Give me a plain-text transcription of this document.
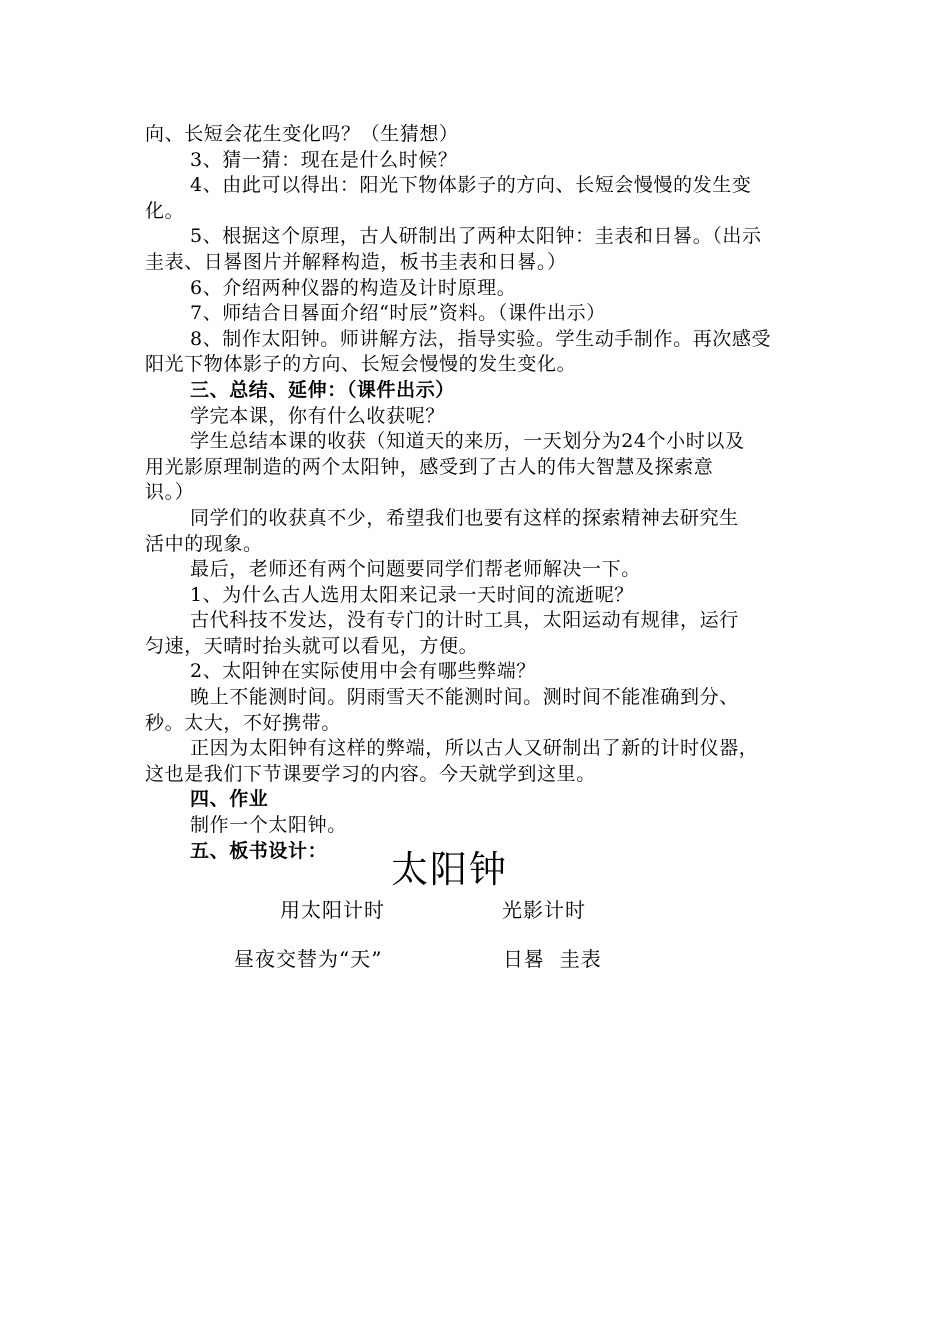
向、长短会花生变化吗？（生猜想）
3、猜一猜：现在是什么时候？
4、由此可以得出：阳光下物体影子的方向、长短会慢慢的发生变
化。
5、根据这个原理，古人研制出了两种太阳钟：圭表和日晷。（出示
圭表、日晷图片并解释构造，板书圭表和日晷。）
6、介绍两种仪器的构造及计时原理。
7、师结合日晷面介绍“时辰”资料。（课件出示）
8、制作太阳钟。师讲解方法，指导实验。学生动手制作。再次感受
阳光下物体影子的方向、长短会慢慢的发生变化。
三、总结、延伸：（课件出示）
学完本课，你有什么收获呢？
学生总结本课的收获（知道天的来历，一天划分为24个小时以及
用光影原理制造的两个太阳钟，感受到了古人的伟大智慧及探索意
识。）
同学们的收获真不少，希望我们也要有这样的探索精神去研究生
活中的现象。
最后，老师还有两个问题要同学们帮老师解决一下。
1、为什么古人选用太阳来记录一天时间的流逝呢？
古代科技不发达，没有专门的计时工具，太阳运动有规律，运行
匀速，天晴时抬头就可以看见，方便。
2、太阳钟在实际使用中会有哪些弊端？
晚上不能测时间。阴雨雪天不能测时间。测时间不能准确到分、
秒。太大，不好携带。
正因为太阳钟有这样的弊端，所以古人又研制出了新的计时仪器，
这也是我们下节课要学习的内容。今天就学到这里。
四、作业
制作一个太阳钟。
五、板书设计：	太阳钟
用太阳计时	光影计时
昼夜交替为“天”	日晷  圭表
